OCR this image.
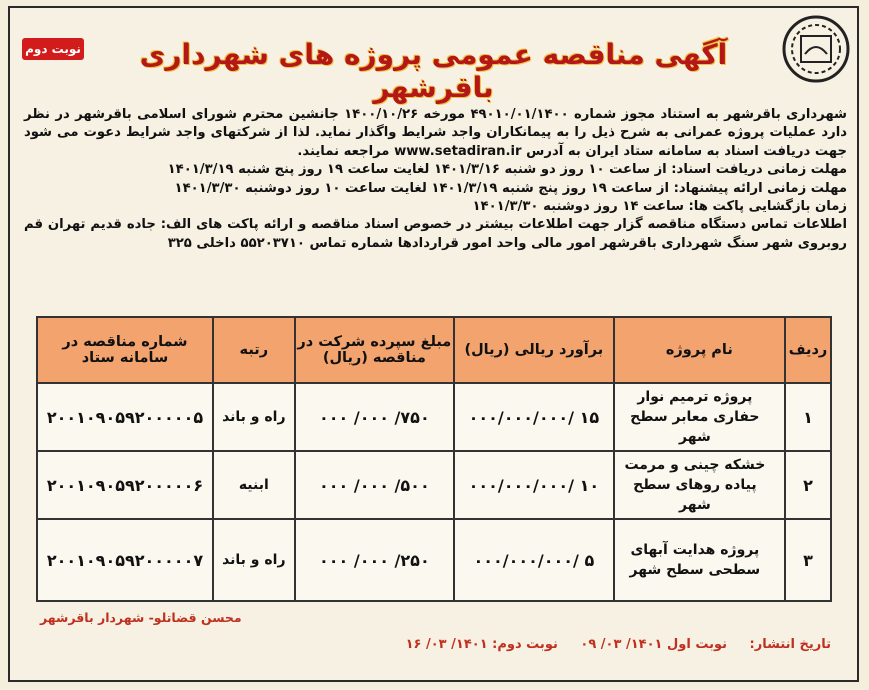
آگهی مناقصه عمومی پروژه های شهرداری باقرشهر
نوبت دوم

شهرداری باقرشهر به استناد مجوز شماره ۴۹۰۱۰/۰۱/۱۴۰۰ مورخه ۱۴۰۰/۱۰/۲۶ جانشین محترم شورای اسلامی باقرشهر در نظر دارد عملیات پروژه عمرانی به شرح ذیل را به پیمانکاران واجد شرایط واگذار نماید. لذا از شرکتهای واجد شرایط دعوت می شود جهت دریافت اسناد به سامانه ستاد ایران به آدرس www.setadiran.ir مراجعه نمایند.

مهلت زمانی دریافت اسناد: از ساعت ۱۰ روز دو شنبه ۱۴۰۱/۳/۱۶ لغایت ساعت ۱۹ روز پنج شنبه ۱۴۰۱/۳/۱۹

مهلت زمانی ارائه پیشنهاد: از ساعت ۱۹ روز پنج شنبه ۱۴۰۱/۳/۱۹ لغایت ساعت ۱۰ روز دوشنبه ۱۴۰۱/۳/۳۰

زمان بازگشایی پاکت ها: ساعت ۱۴ روز دوشنبه ۱۴۰۱/۳/۳۰

اطلاعات تماس دستگاه مناقصه گزار جهت اطلاعات بیشتر در خصوص اسناد مناقصه و ارائه پاکت های الف: جاده قدیم تهران قم روبروی شهر سنگ شهرداری باقرشهر امور مالی واحد امور قراردادها شماره تماس ۵۵۲۰۳۷۱۰ داخلی ۳۲۵

ردیف	نام پروژه	برآورد ریالی (ریال)	مبلغ سپرده شرکت در مناقصه (ریال)	رتبه	شماره مناقصه در سامانه ستاد
۱	پروژه ترمیم نوار حفاری معابر سطح شهر	۱۵ /۰۰۰/۰۰۰/۰۰۰	۷۵۰/ ۰۰۰/ ۰۰۰	راه و باند	۲۰۰۱۰۹۰۵۹۲۰۰۰۰۰۵
۲	خشکه چینی و مرمت پیاده روهای سطح شهر	۱۰ /۰۰۰/۰۰۰/۰۰۰	۵۰۰/ ۰۰۰/ ۰۰۰	ابنیه	۲۰۰۱۰۹۰۵۹۲۰۰۰۰۰۶
۳	پروژه هدایت آبهای سطحی سطح شهر	۵ /۰۰۰/۰۰۰/۰۰۰	۲۵۰/ ۰۰۰/ ۰۰۰	راه و باند	۲۰۰۱۰۹۰۵۹۲۰۰۰۰۰۷
محسن قضاتلو- شهردار باقرشهر
تاریخ انتشار: نوبت اول ۱۴۰۱/ ۰۳/ ۰۹ نوبت دوم: ۱۴۰۱/ ۰۳/ ۱۶
